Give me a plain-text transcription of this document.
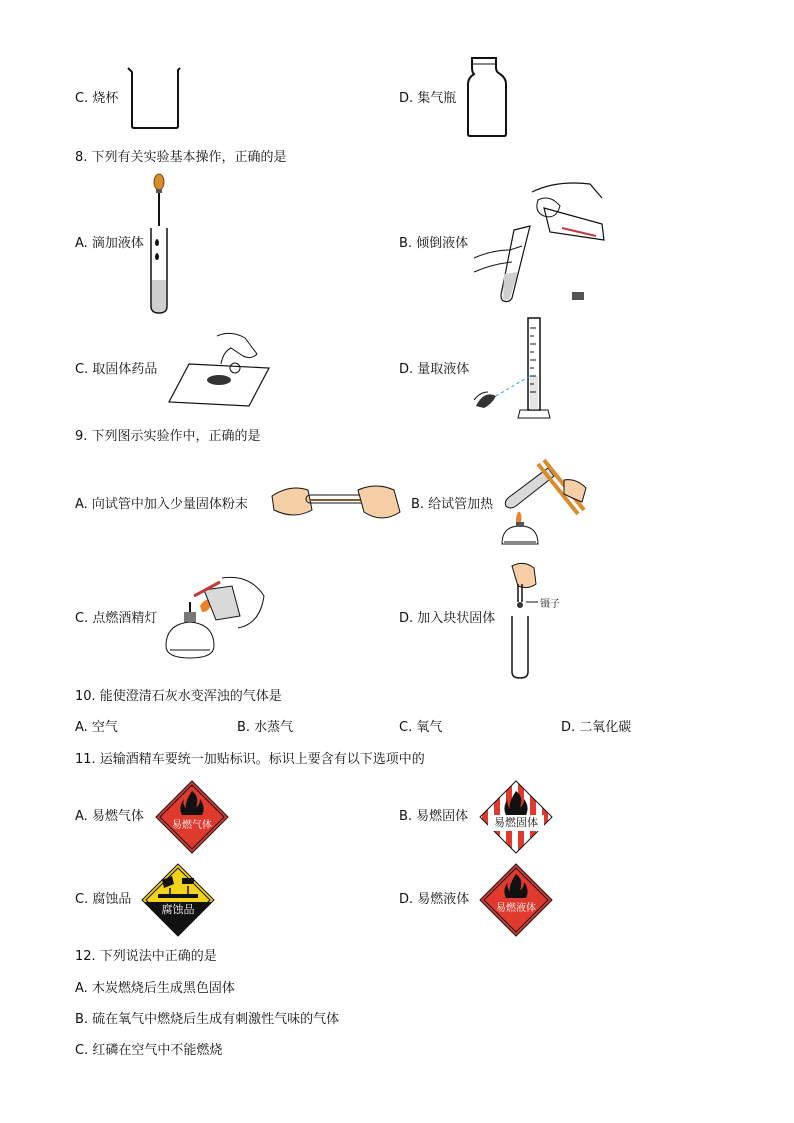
C. 烧杯	D. 集气瓶
8. 下列有关实验基本操作，正确的是
A. 滴加液体	B. 倾倒液体
C. 取固体药品	D. 量取液体
9. 下列图示实验作中，正确的是
A. 向试管中加入少量固体粉末	B. 给试管加热
C. 点燃酒精灯	D. 加入块状固体
镊子
10. 能使澄清石灰水变浑浊的气体是
A. 空气	B. 水蒸气	C. 氧气	D. 二氧化碳
11. 运输酒精车要统一加贴标识。标识上要含有以下选项中的
A. 易燃气体
易燃气体
B. 易燃固体	易燃固体
C. 腐蚀品
腐蚀品
D. 易燃液体
易燃液体
12. 下列说法中正确的是
A. 木炭燃烧后生成黑色固体
B. 硫在氧气中燃烧后生成有刺激性气味的气体
C. 红磷在空气中不能燃烧
